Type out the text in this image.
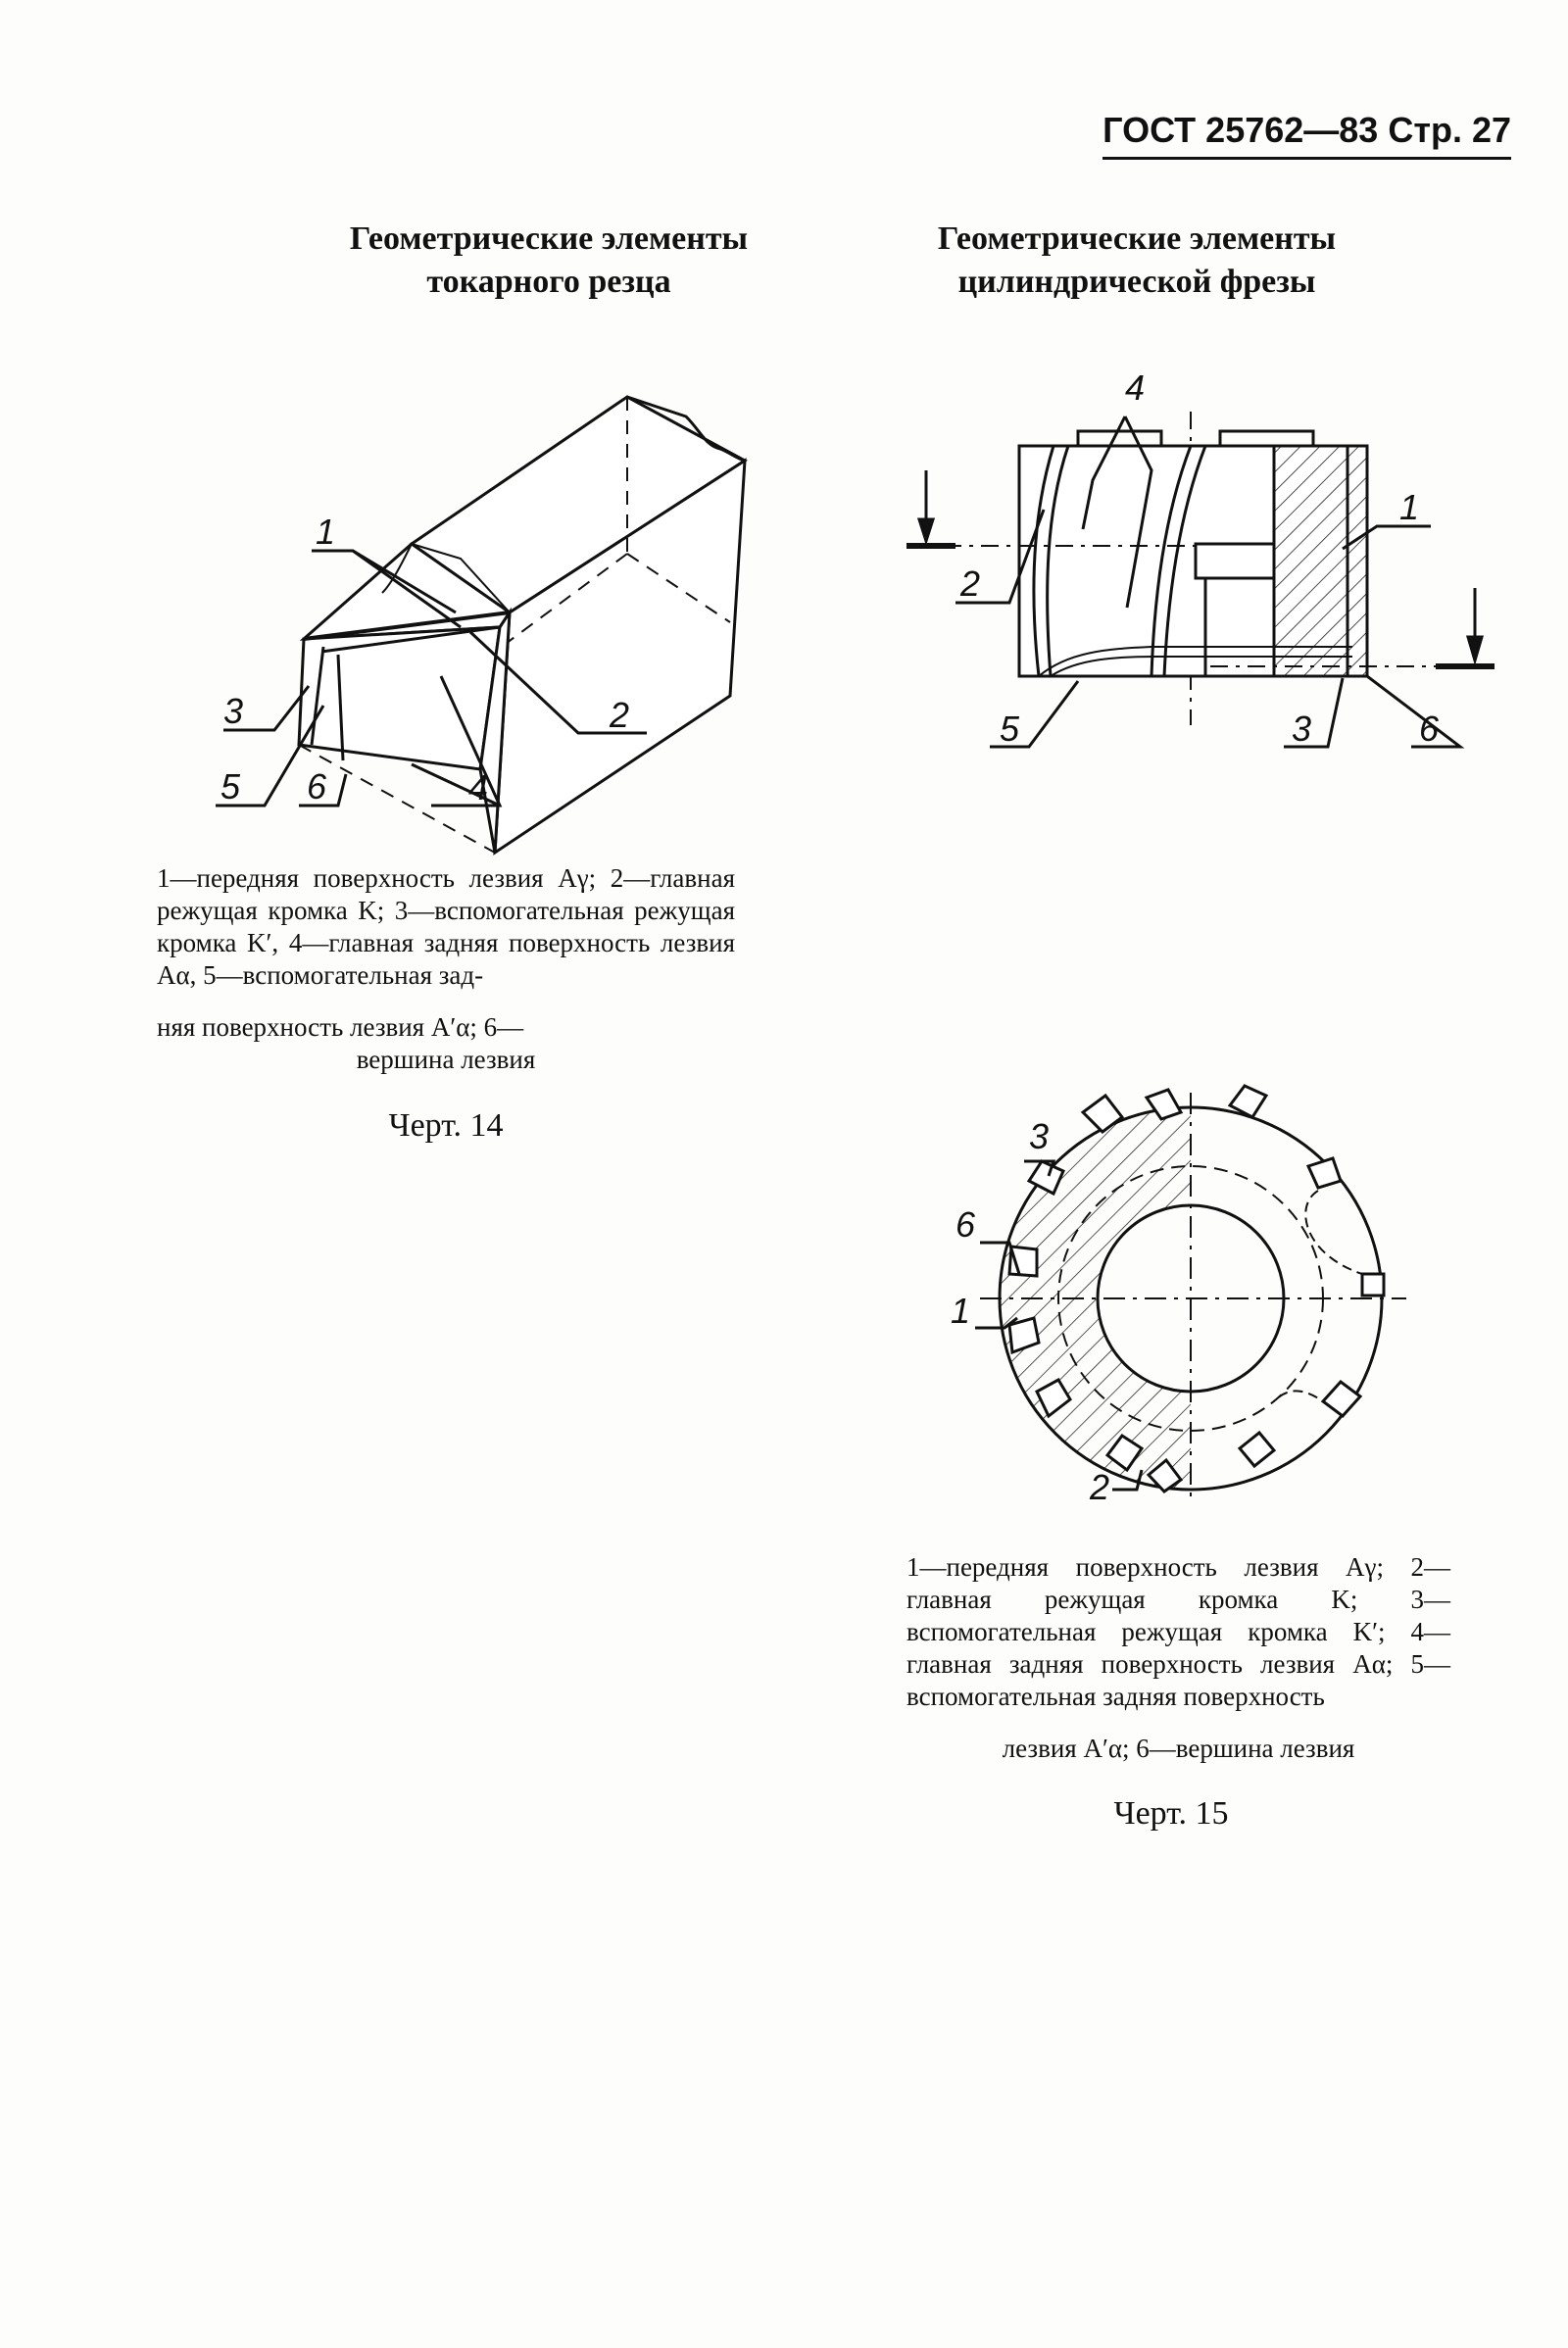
ГОСТ 25762—83 Стр. 27
Геометрические элементы
токарного резца
Геометрические элементы
цилиндрической фрезы
1
2
3
4
5 6
4
1
2
5	3	6
3
6
1
2

1—передняя поверхность лезвия Aγ; 2—главная режущая кромка K; 3—вспомогательная режущая кромка K′, 4—главная задняя поверхность лезвия Aα, 5—вспомогательная зад-

няя поверхность лезвия A′α; 6—

вершина лезвия

Черт. 14

1—передняя поверхность лезвия Aγ; 2—главная режущая кромка K; 3—вспомогательная режущая кромка K′; 4—главная задняя поверхность лезвия Aα; 5—вспомогательная задняя поверхность

лезвия A′α; 6—вершина лезвия

Черт. 15
